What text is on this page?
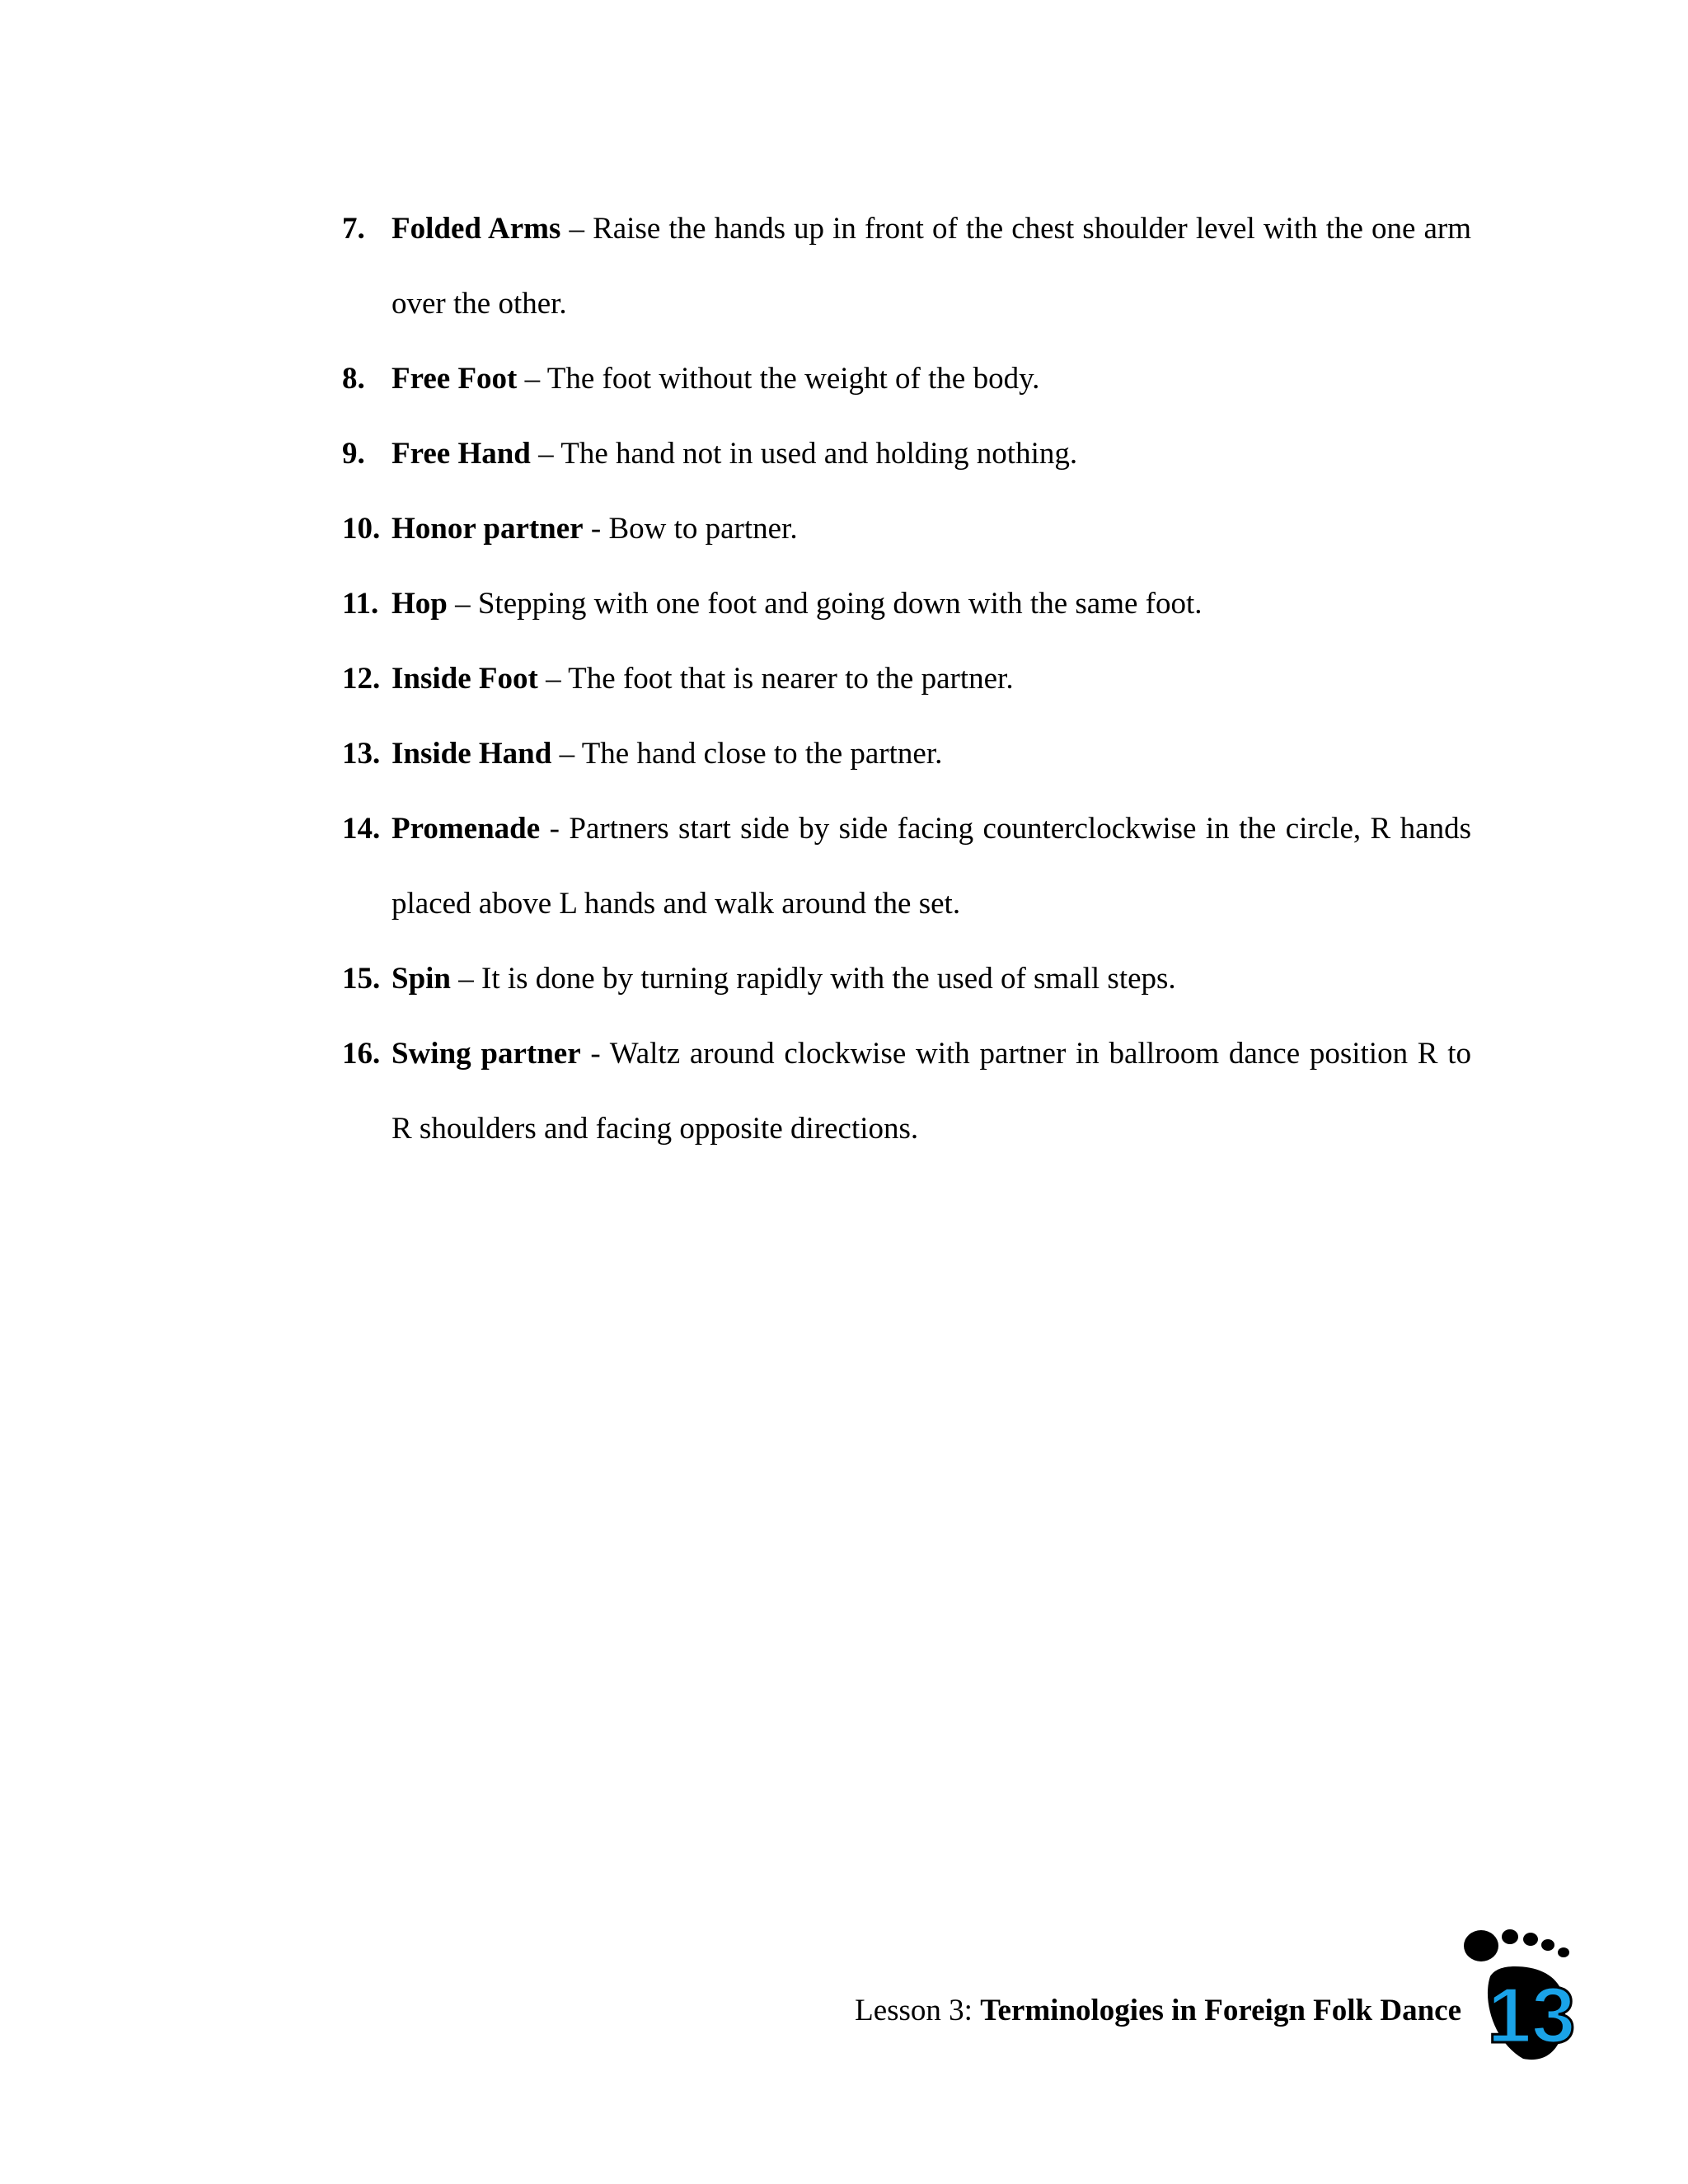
7. Folded Arms – Raise the hands up in front of the chest shoulder level with the one arm over the other.
8. Free Foot – The foot without the weight of the body.
9. Free Hand – The hand not in used and holding nothing.
10. Honor partner - Bow to partner.
11. Hop – Stepping with one foot and going down with the same foot.
12. Inside Foot – The foot that is nearer to the partner.
13. Inside Hand – The hand close to the partner.
14. Promenade - Partners start side by side facing counterclockwise in the circle, R hands placed above L hands and walk around the set.
15. Spin – It is done by turning rapidly with the used of small steps.
16. Swing partner - Waltz around clockwise with partner in ballroom dance position R to R shoulders and facing opposite directions.
Lesson 3: Terminologies in Foreign Folk Dance 13
